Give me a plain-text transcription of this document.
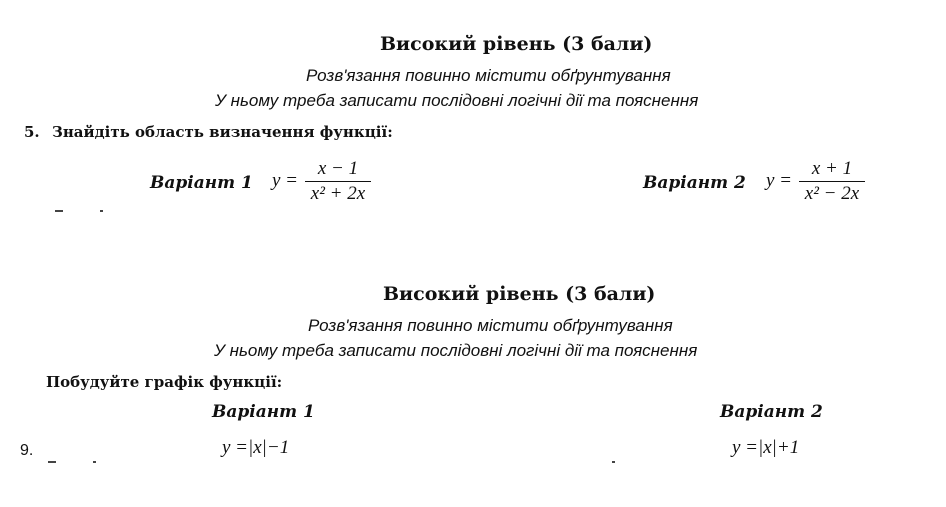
Високий рівень (3 бали)
Розв'язання повинно містити обґрунтування
У ньому треба записати послідовні логічні дії та пояснення
5. Знайдіть область визначення функції:
Варіант 1 $y = \frac{x - 1}{\text{x² + 2x}}$	Варіант 2 $y = \frac{x + 1}{\text{x² − 2x}}$
Високий рівень (3 бали)
Розв'язання повинно містити обґрунтування
У ньому треба записати послідовні логічні дії та пояснення
Побудуйте графік функції:
Варіант 1	Варіант 2
9.	y =|x|−1	y =|x|+1
